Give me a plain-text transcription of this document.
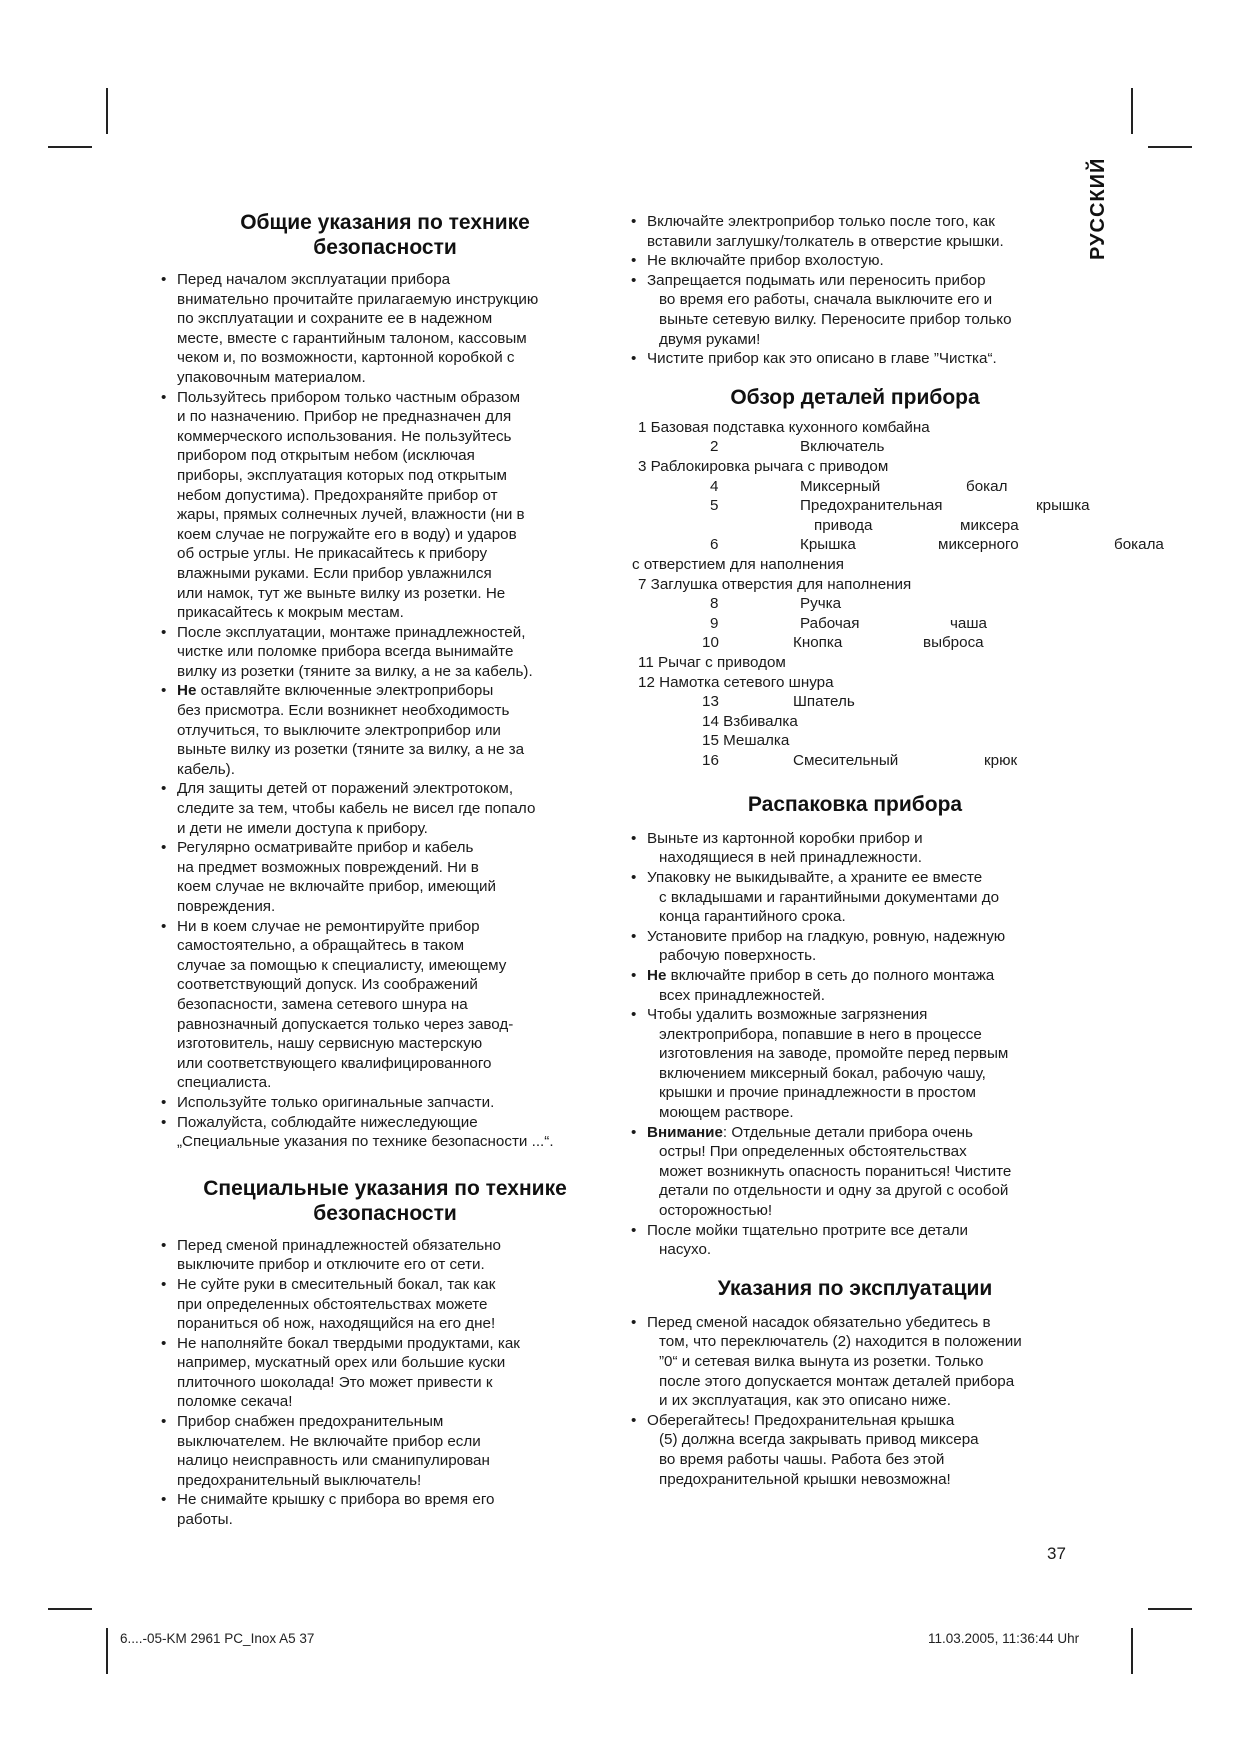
РУССКИЙ
Общие указания по технике
безопасности
• Перед началом эксплуатации прибора
внимательно прочитайте прилагаемую инструкцию
по эксплуатации и сохраните ее в надежном
месте, вместе с гарантийным талоном, кассовым
чеком и, по возможности, картонной коробкой с
упаковочным материалом.
• Пользуйтесь прибором только частным образом
и по назначению. Прибор не предназначен для
коммерческого использования. Не пользуйтесь
прибором под открытым небом (исключая
приборы, эксплуатация которых под открытым
небом допустима). Предохраняйте прибор от
жары, прямых солнечных лучей, влажности (ни в
коем случае не погружайте его в воду) и ударов
об острые углы. Не прикасайтесь к прибору
влажными руками. Если прибор увлажнился
или намок, тут же выньте вилку из розетки. Не
прикасайтесь к мокрым местам.
• После эксплуатации, монтаже принадлежностей,
чистке или поломке прибора всегда вынимайте
вилку из розетки (тяните за вилку, а не за кабель).
• Не оставляйте включенные электроприборы
без присмотра. Если возникнет необходимость
отлучиться, то выключите электроприбор или
выньте вилку из розетки (тяните за вилку, а не за
кабель).
• Для защиты детей от поражений электротоком,
следите за тем, чтобы кабель не висел где попало
и дети не имели доступа к прибору.
• Регулярно осматривайте прибор и кабель
на предмет возможных повреждений. Ни в
коем случае не включайте прибор, имеющий
повреждения.
• Ни в коем случае не ремонтируйте прибор
самостоятельно, а обращайтесь в таком
случае за помощью к специалисту, имеющему
соответствующий допуск. Из соображений
безопасности, замена сетевого шнура на
равнозначный допускается только через завод-
изготовитель, нашу сервисную мастерскую
или соответствующего квалифицированного
специалиста.
• Используйте только оригинальные запчасти.
• Пожалуйста, соблюдайте нижеследующие
„Специальные указания по технике безопасности ...“.
Специальные указания по технике
безопасности
• Перед сменой принадлежностей обязательно
выключите прибор и отключите его от сети.
• Не суйте руки в смесительный бокал, так как
при определенных обстоятельствах можете
пораниться об нож, находящийся на его дне!
• Не наполняйте бокал твердыми продуктами, как
например, мускатный орех или большие куски
плиточного шоколада! Это может привести к
поломке секача!
• Прибор снабжен предохранительным
выключателем. Не включайте прибор если
налицо неисправность или сманипулирован
предохранительный выключатель!
• Не снимайте крышку с прибора во время его
работы.
• Включайте электроприбор только после того, как
вставили заглушку/толкатель в отверстие крышки.
• Не включайте прибор вхолостую.
• Запрещается подымать или переносить прибор
во время его работы, сначала выключите его и
выньте сетевую вилку. Переносите прибор только
двумя руками!
• Чистите прибор как это описано в главе ”Чистка“.
Обзор деталей прибора
1 Базовая подставка кухонного комбайна
2	Включатель
3 Раблокировка рычага с приводом
4	Миксерный	бокал
5	Предохранительная	крышка
привода	миксера
6	Крышка	миксерного	бокала
с отверстием для наполнения
7 Заглушка отверстия для наполнения
8	Ручка
9	Рабочая	чаша
10	Кнопка	выброса
11 Рычаг с приводом
12 Намотка сетевого шнура
13	Шпатель
14 Взбивалка
15 Мешалка
16	Смесительный	крюк
Распаковка прибора
• Выньте из картонной коробки прибор и
находящиеся в ней принадлежности.
• Упаковку не выкидывайте, а храните ее вместе
с вкладышами и гарантийными документами до
конца гарантийного срока.
• Установите прибор на гладкую, ровную, надежную
рабочую поверхность.
• Не включайте прибор в сеть до полного монтажа
всех принадлежностей.
• Чтобы удалить возможные загрязнения
электроприбора, попавшие в него в процессе
изготовления на заводе, промойте перед первым
включением миксерный бокал, рабочую чашу,
крышки и прочие принадлежности в простом
моющем растворе.
• Внимание: Отдельные детали прибора очень
остры! При определенных обстоятельствах
может возникнуть опасность пораниться! Чистите
детали по отдельности и одну за другой с особой
осторожностью!
• После мойки тщательно протрите все детали
насухо.
Указания по эксплуатации
• Перед сменой насадок обязательно убедитесь в
том, что переключатель (2) находится в положении
”0“ и сетевая вилка вынута из розетки. Только
после этого допускается монтаж деталей прибора
и их эксплуатация, как это описано ниже.
• Оберегайтесь! Предохранительная крышка
(5) должна всегда закрывать привод миксера
во время работы чашы. Работа без этой
предохранительной крышки невозможна!
37
6....-05-KM 2961 PC_Inox A5 37	11.03.2005, 11:36:44 Uhr
